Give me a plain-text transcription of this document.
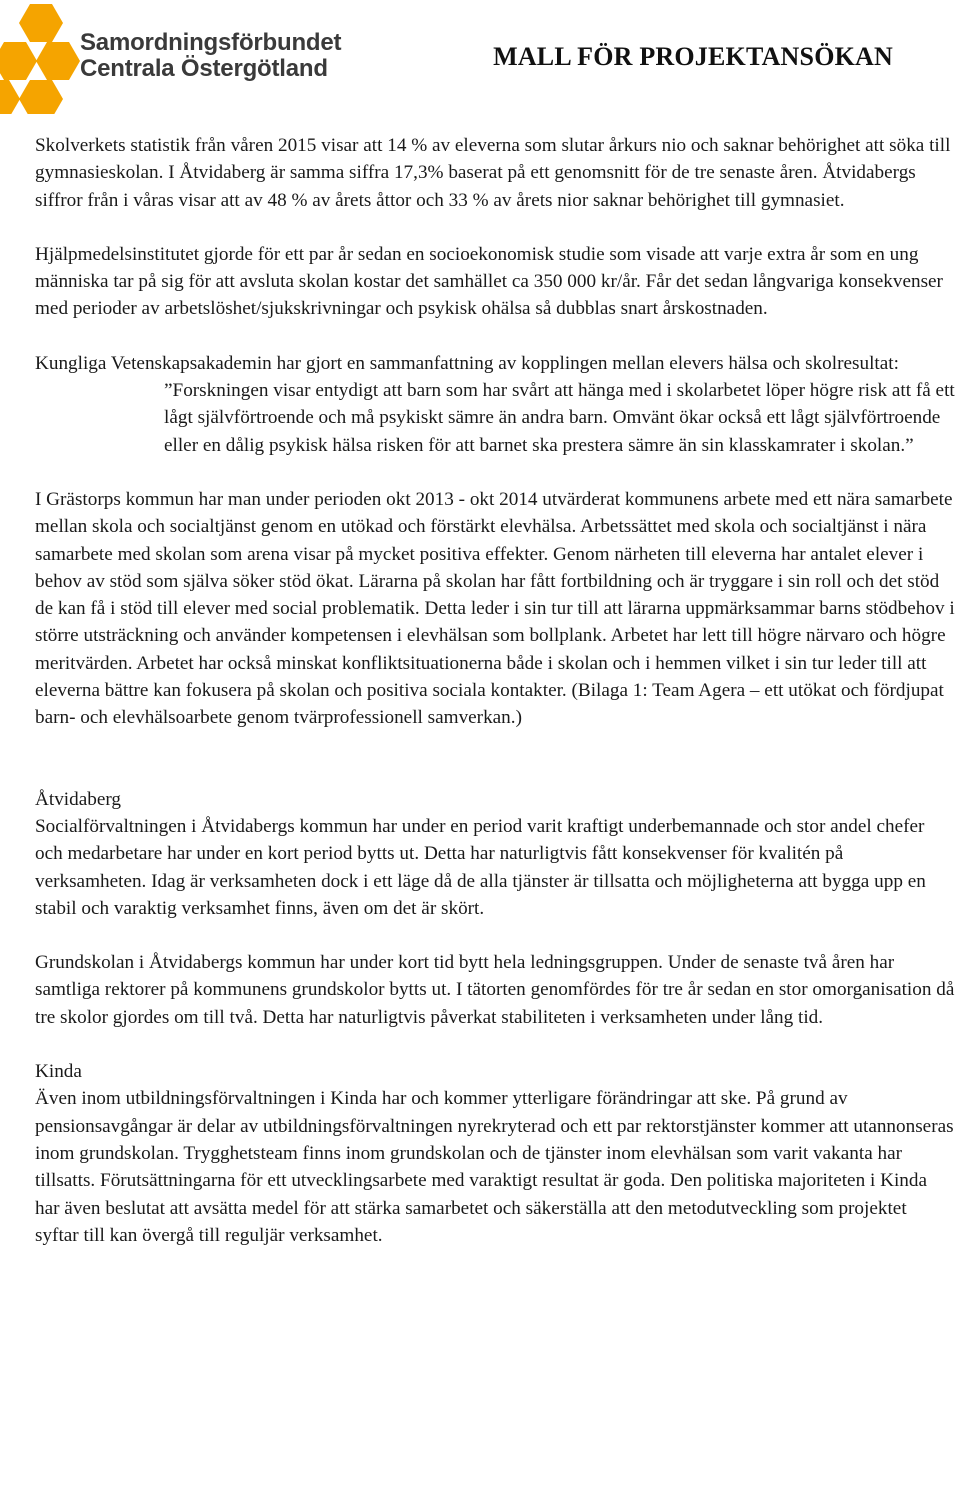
Samordningsförbundet
Centrala Östergötland	MALL FÖR PROJEKTANSÖKAN

Skolverkets statistik från våren 2015 visar att 14 % av eleverna som slutar årkurs nio och saknar behörighet att söka till gymnasieskolan. I Åtvidaberg är samma siffra 17,3% baserat på ett genomsnitt för de tre senaste åren. Åtvidabergs siffror från i våras visar att av 48 % av årets åttor och 33 % av årets nior saknar behörighet till gymnasiet.

Hjälpmedelsinstitutet gjorde för ett par år sedan en socioekonomisk studie som visade att varje extra år som en ung människa tar på sig för att avsluta skolan kostar det samhället ca 350 000 kr/år. Får det sedan långvariga konsekvenser med perioder av arbetslöshet/sjukskrivningar och psykisk ohälsa så dubblas snart årskostnaden.

Kungliga Vetenskapsakademin har gjort en sammanfattning av kopplingen mellan elevers hälsa och skolresultat:

”Forskningen visar entydigt att barn som har svårt att hänga med i skolarbetet löper högre risk att få ett lågt självförtroende och må psykiskt sämre än andra barn. Omvänt ökar också ett lågt självförtroende eller en dålig psykisk hälsa risken för att barnet ska prestera sämre än sin klasskamrater i skolan.”

I Grästorps kommun har man under perioden okt 2013 - okt 2014 utvärderat kommunens arbete med ett nära samarbete mellan skola och socialtjänst genom en utökad och förstärkt elevhälsa. Arbetssättet med skola och socialtjänst i nära samarbete med skolan som arena visar på mycket positiva effekter. Genom närheten till eleverna har antalet elever i behov av stöd som själva söker stöd ökat. Lärarna på skolan har fått fortbildning och är tryggare i sin roll och det stöd de kan få i stöd till elever med social problematik. Detta leder i sin tur till att lärarna uppmärksammar barns stödbehov i större utsträckning och använder kompetensen i elevhälsan som bollplank. Arbetet har lett till högre närvaro och högre meritvärden. Arbetet har också minskat konfliktsituationerna både i skolan och i hemmen vilket i sin tur leder till att eleverna bättre kan fokusera på skolan och positiva sociala kontakter. (Bilaga 1: Team Agera – ett utökat och fördjupat barn- och elevhälsoarbete genom tvärprofessionell samverkan.)

Åtvidaberg

Socialförvaltningen i Åtvidabergs kommun har under en period varit kraftigt underbemannade och stor andel chefer och medarbetare har under en kort period bytts ut. Detta har naturligtvis fått konsekvenser för kvalitén på verksamheten. Idag är verksamheten dock i ett läge då de alla tjänster är tillsatta och möjligheterna att bygga upp en stabil och varaktig verksamhet finns, även om det är skört.

Grundskolan i Åtvidabergs kommun har under kort tid bytt hela ledningsgruppen. Under de senaste två åren har samtliga rektorer på kommunens grundskolor bytts ut. I tätorten genomfördes för tre år sedan en stor omorganisation då tre skolor gjordes om till två. Detta har naturligtvis påverkat stabiliteten i verksamheten under lång tid.

Kinda

Även inom utbildningsförvaltningen i Kinda har och kommer ytterligare förändringar att ske. På grund av pensionsavgångar är delar av utbildningsförvaltningen nyrekryterad och ett par rektorstjänster kommer att utannonseras inom grundskolan. Trygghetsteam finns inom grundskolan och de tjänster inom elevhälsan som varit vakanta har tillsatts. Förutsättningarna för ett utvecklingsarbete med varaktigt resultat är goda. Den politiska majoriteten i Kinda har även beslutat att avsätta medel för att stärka samarbetet och säkerställa att den metodutveckling som projektet syftar till kan övergå till reguljär verksamhet.
